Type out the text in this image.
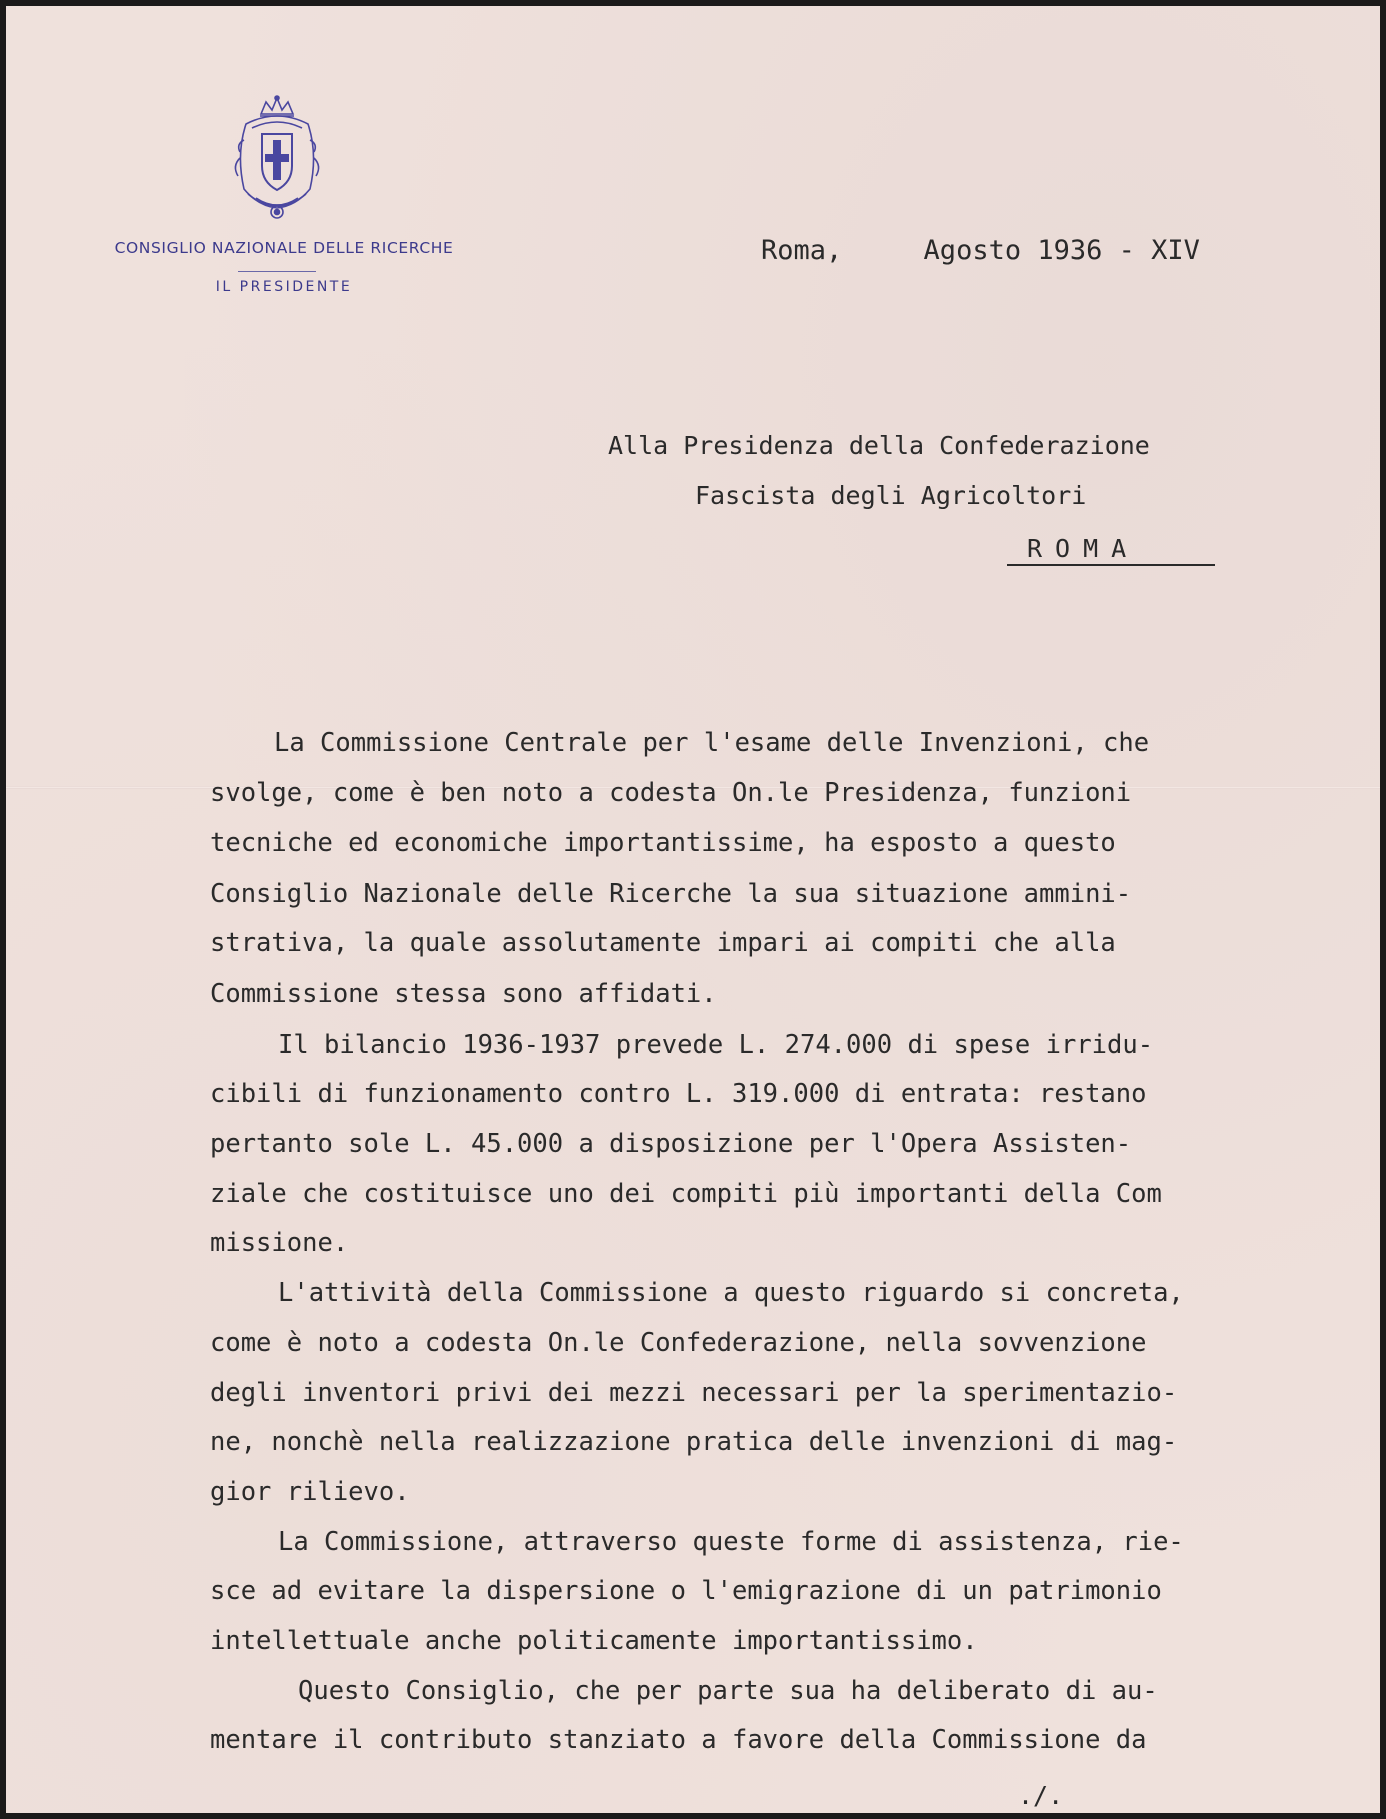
CONSIGLIO NAZIONALE DELLE RICERCHE
IL PRESIDENTE
Roma,     Agosto 1936 - XIV
Alla Presidenza della Confederazione
Fascista degli Agricoltori
ROMA
La Commissione Centrale per l'esame delle Invenzioni, che
svolge, come è ben noto a codesta On.le Presidenza, funzioni
tecniche ed economiche importantissime, ha esposto a questo
Consiglio Nazionale delle Ricerche la sua situazione ammini-
strativa, la quale assolutamente impari ai compiti che alla
Commissione stessa sono affidati.
Il bilancio 1936-1937 prevede L. 274.000 di spese irridu-
cibili di funzionamento contro L. 319.000 di entrata: restano
pertanto sole L. 45.000 a disposizione per l'Opera Assisten-
ziale che costituisce uno dei compiti più importanti della Com
missione.
L'attività della Commissione a questo riguardo si concreta,
come è noto a codesta On.le Confederazione, nella sovvenzione
degli inventori privi dei mezzi necessari per la sperimentazio-
ne, nonchè nella realizzazione pratica delle invenzioni di mag-
gior rilievo.
La Commissione, attraverso queste forme di assistenza, rie-
sce ad evitare la dispersione o l'emigrazione di un patrimonio
intellettuale anche politicamente importantissimo.
Questo Consiglio, che per parte sua ha deliberato di au-
mentare il contributo stanziato a favore della Commissione da
./.
